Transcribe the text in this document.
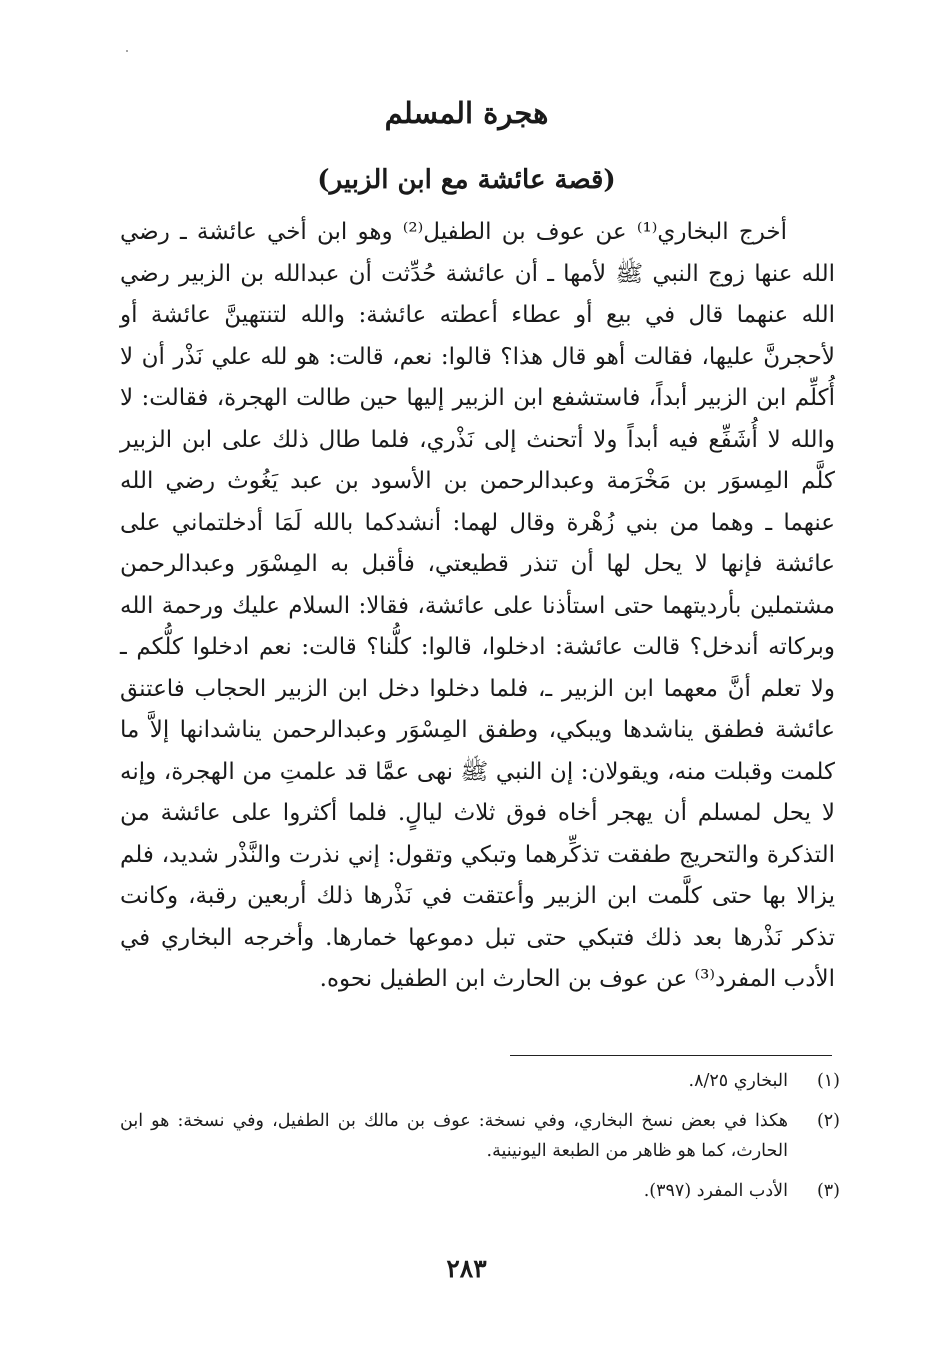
هجرة المسلم
(قصة عائشة مع ابن الزبير)

أخرج البخاري⁽¹⁾ عن عوف بن الطفيل⁽²⁾ وهو ابن أخي عائشة ـ رضي الله عنها زوج النبي ﷺ لأمها ـ أن عائشة حُدِّثت أن عبدالله بن الزبير رضي الله عنهما قال في بيع أو عطاء أعطته عائشة: والله لتنتهينَّ عائشة أو لأحجرنَّ عليها، فقالت أهو قال هذا؟ قالوا: نعم، قالت: هو لله علي نَذْر أن لا أُكلِّم ابن الزبير أبداً، فاستشفع ابن الزبير إليها حين طالت الهجرة، فقالت: لا والله لا أُشَفِّع فيه أبداً ولا أتحنث إلى نَذْري، فلما طال ذلك على ابن الزبير كلَّم المِسوَر بن مَخْرَمة وعبدالرحمن بن الأسود بن عبد يَغُوث رضي الله عنهما ـ وهما من بني زُهْرة وقال لهما: أنشدكما بالله لَمَا أدخلتماني على عائشة فإنها لا يحل لها أن تنذر قطيعتي، فأقبل به المِسْوَر وعبدالرحمن مشتملين بأرديتهما حتى استأذنا على عائشة، فقالا: السلام عليك ورحمة الله وبركاته أندخل؟ قالت عائشة: ادخلوا، قالوا: كلُّنا؟ قالت: نعم ادخلوا كلُّكم ـ ولا تعلم أنَّ معهما ابن الزبير ـ، فلما دخلوا دخل ابن الزبير الحجاب فاعتنق عائشة فطفق يناشدها ويبكي، وطفق المِسْوَر وعبدالرحمن يناشدانها إلاَّ ما كلمت وقبلت منه، ويقولان: إن النبي ﷺ نهى عمَّا قد علمتِ من الهجرة، وإنه لا يحل لمسلم أن يهجر أخاه فوق ثلاث ليالٍ. فلما أكثروا على عائشة من التذكرة والتحريج طفقت تذكِّرهما وتبكي وتقول: إني نذرت والنَّذْر شديد، فلم يزالا بها حتى كلَّمت ابن الزبير وأعتقت في نَذْرها ذلك أربعين رقبة، وكانت تذكر نَذْرها بعد ذلك فتبكي حتى تبل دموعها خمارها. وأخرجه البخاري في الأدب المفرد⁽³⁾ عن عوف بن الحارث ابن الطفيل نحوه.

(١)
البخاري ٨/٢٥.
(٢)
هكذا في بعض نسخ البخاري، وفي نسخة: عوف بن مالك بن الطفيل، وفي نسخة: هو ابن الحارث، كما هو ظاهر من الطبعة اليونينية.
(٣)
الأدب المفرد (٣٩٧).
٢٨٣
